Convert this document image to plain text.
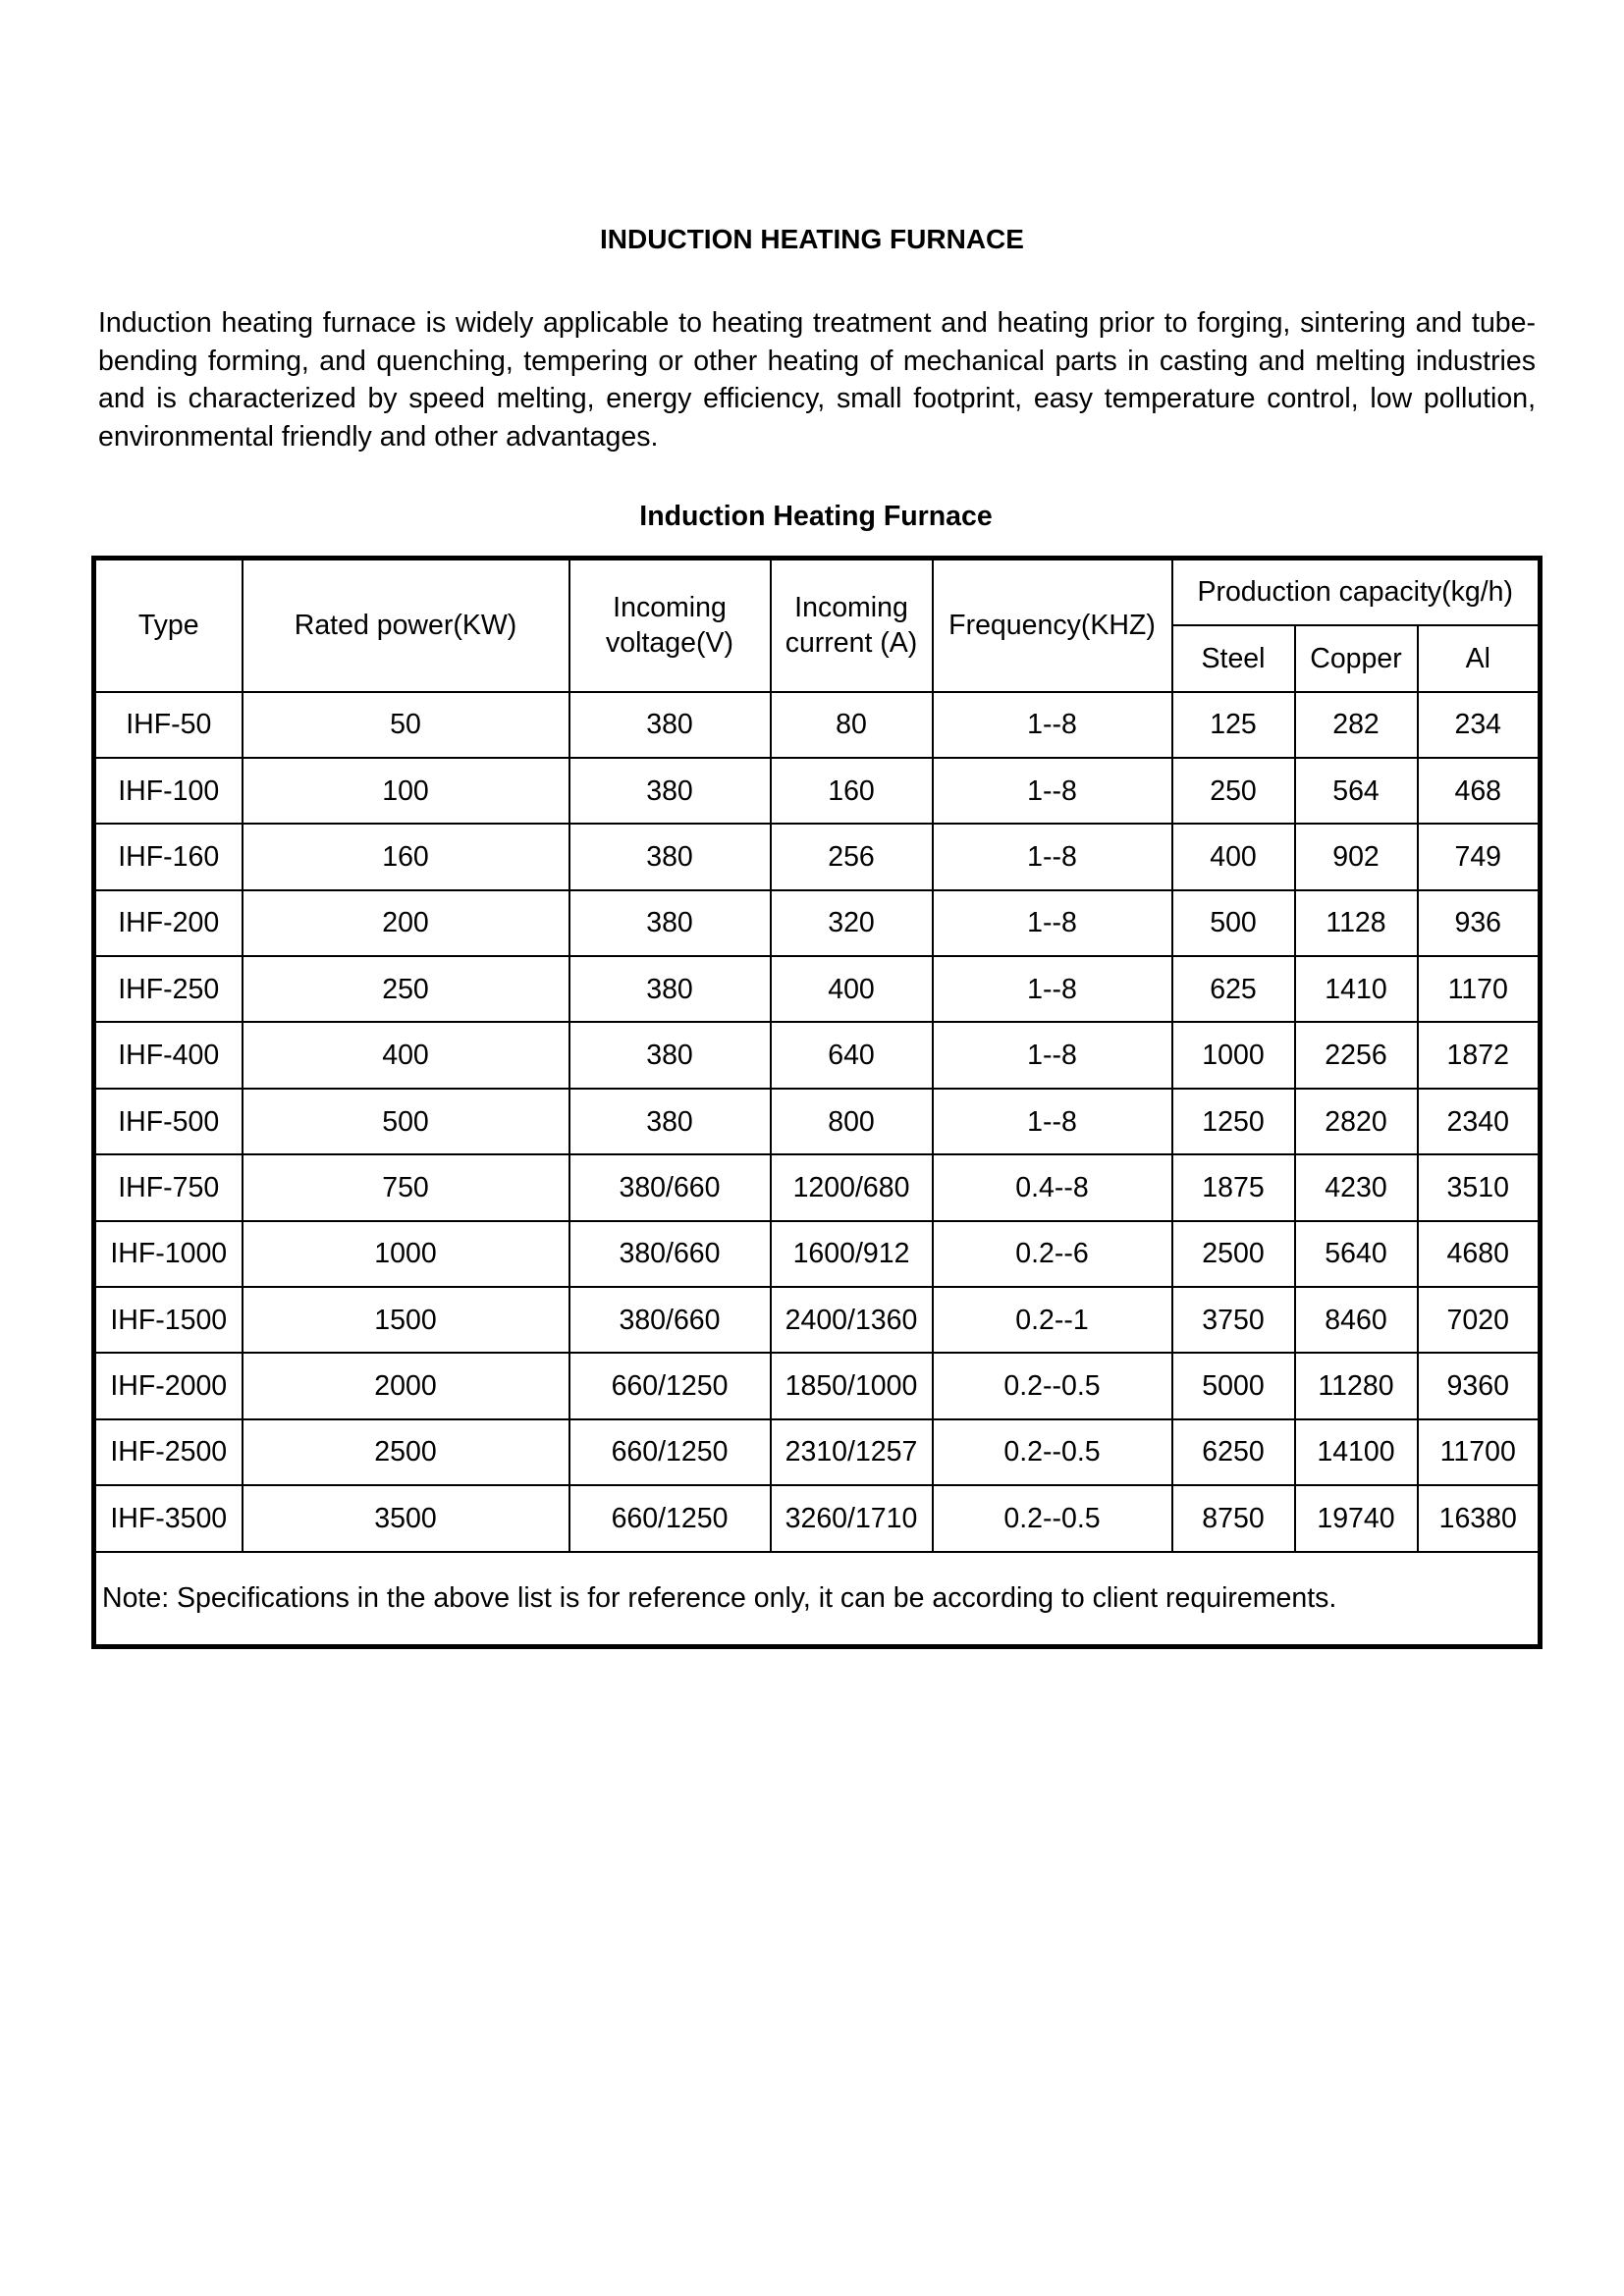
INDUCTION HEATING FURNACE

Induction heating furnace is widely applicable to heating treatment and heating prior to forging, sintering and tube-bending forming, and quenching, tempering or other heating of mechanical parts in casting and melting industries and is characterized by speed melting, energy efficiency, small footprint, easy temperature control, low pollution, environmental friendly and other advantages.

Induction Heating Furnace
Type	Rated power(KW)	Incoming voltage(V)	Incoming current (A)	Frequency(KHZ)	Production capacity(kg/h)		
					Steel	Copper	Al
IHF-50	50	380	80	1--8	125	282	234
IHF-100	100	380	160	1--8	250	564	468
IHF-160	160	380	256	1--8	400	902	749
IHF-200	200	380	320	1--8	500	1128	936
IHF-250	250	380	400	1--8	625	1410	1170
IHF-400	400	380	640	1--8	1000	2256	1872
IHF-500	500	380	800	1--8	1250	2820	2340
IHF-750	750	380/660	1200/680	0.4--8	1875	4230	3510
IHF-1000	1000	380/660	1600/912	0.2--6	2500	5640	4680
IHF-1500	1500	380/660	2400/1360	0.2--1	3750	8460	7020
IHF-2000	2000	660/1250	1850/1000	0.2--0.5	5000	11280	9360
IHF-2500	2500	660/1250	2310/1257	0.2--0.5	6250	14100	11700
IHF-3500	3500	660/1250	3260/1710	0.2--0.5	8750	19740	16380
Note: Specifications in the above list is for reference only, it can be according to client requirements.							
